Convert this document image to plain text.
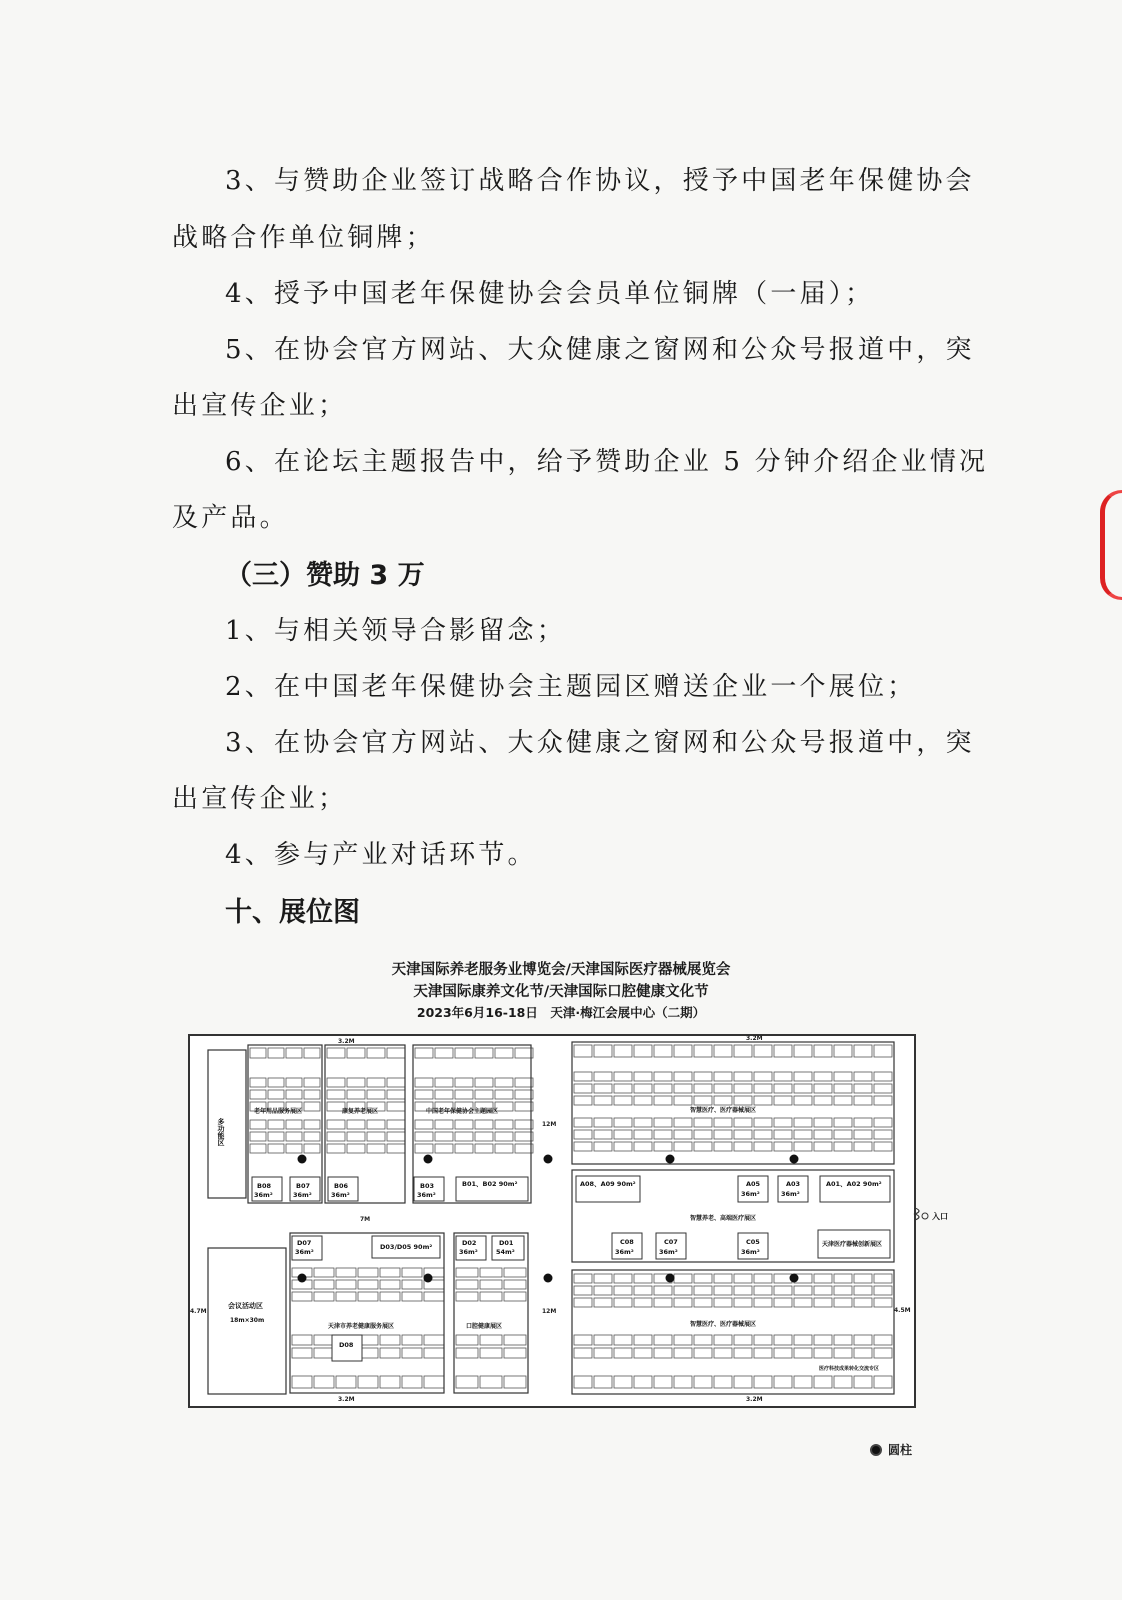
3、与赞助企业签订战略合作协议，授予中国老年保健协会
战略合作单位铜牌；
4、授予中国老年保健协会会员单位铜牌（一届）；
5、在协会官方网站、大众健康之窗网和公众号报道中，突
出宣传企业；
6、在论坛主题报告中，给予赞助企业 5 分钟介绍企业情况
及产品。
（三）赞助 3 万
1、与相关领导合影留念；
2、在中国老年保健协会主题园区赠送企业一个展位；
3、在协会官方网站、大众健康之窗网和公众号报道中，突
出宣传企业；
4、参与产业对话环节。
十、展位图
天津国际养老服务业博览会/天津国际医疗器械展览会
天津国际康养文化节/天津国际口腔健康文化节
2023年6月16-18日　天津·梅江会展中心（二期）
3.2M	3.2M
3.2M	3.2M
12M
12M
7M
4.7M	4.5M
老年用品服务展区	康复养老展区	中国老年保健协会主题园区	智慧医疗、医疗器械展区
智慧养老、高端医疗展区
天津医疗器械创新展区
天津市养老健康服务展区	口腔健康展区	智慧医疗、医疗器械展区
医疗科技成果转化交流专区
多功能区
会议活动区
18m×30m
入口
B08
36m²
B07
36m²
B06
36m²
B03
36m²
B01、B02 90m²	A08、A09 90m²	A05
36m²
A03
36m²
A01、A02 90m²
D07
36m²
D03/D05 90m²	D02
36m²
D01
54m²
D08
C08
36m²
C07
36m²
C05
36m²
圆柱
